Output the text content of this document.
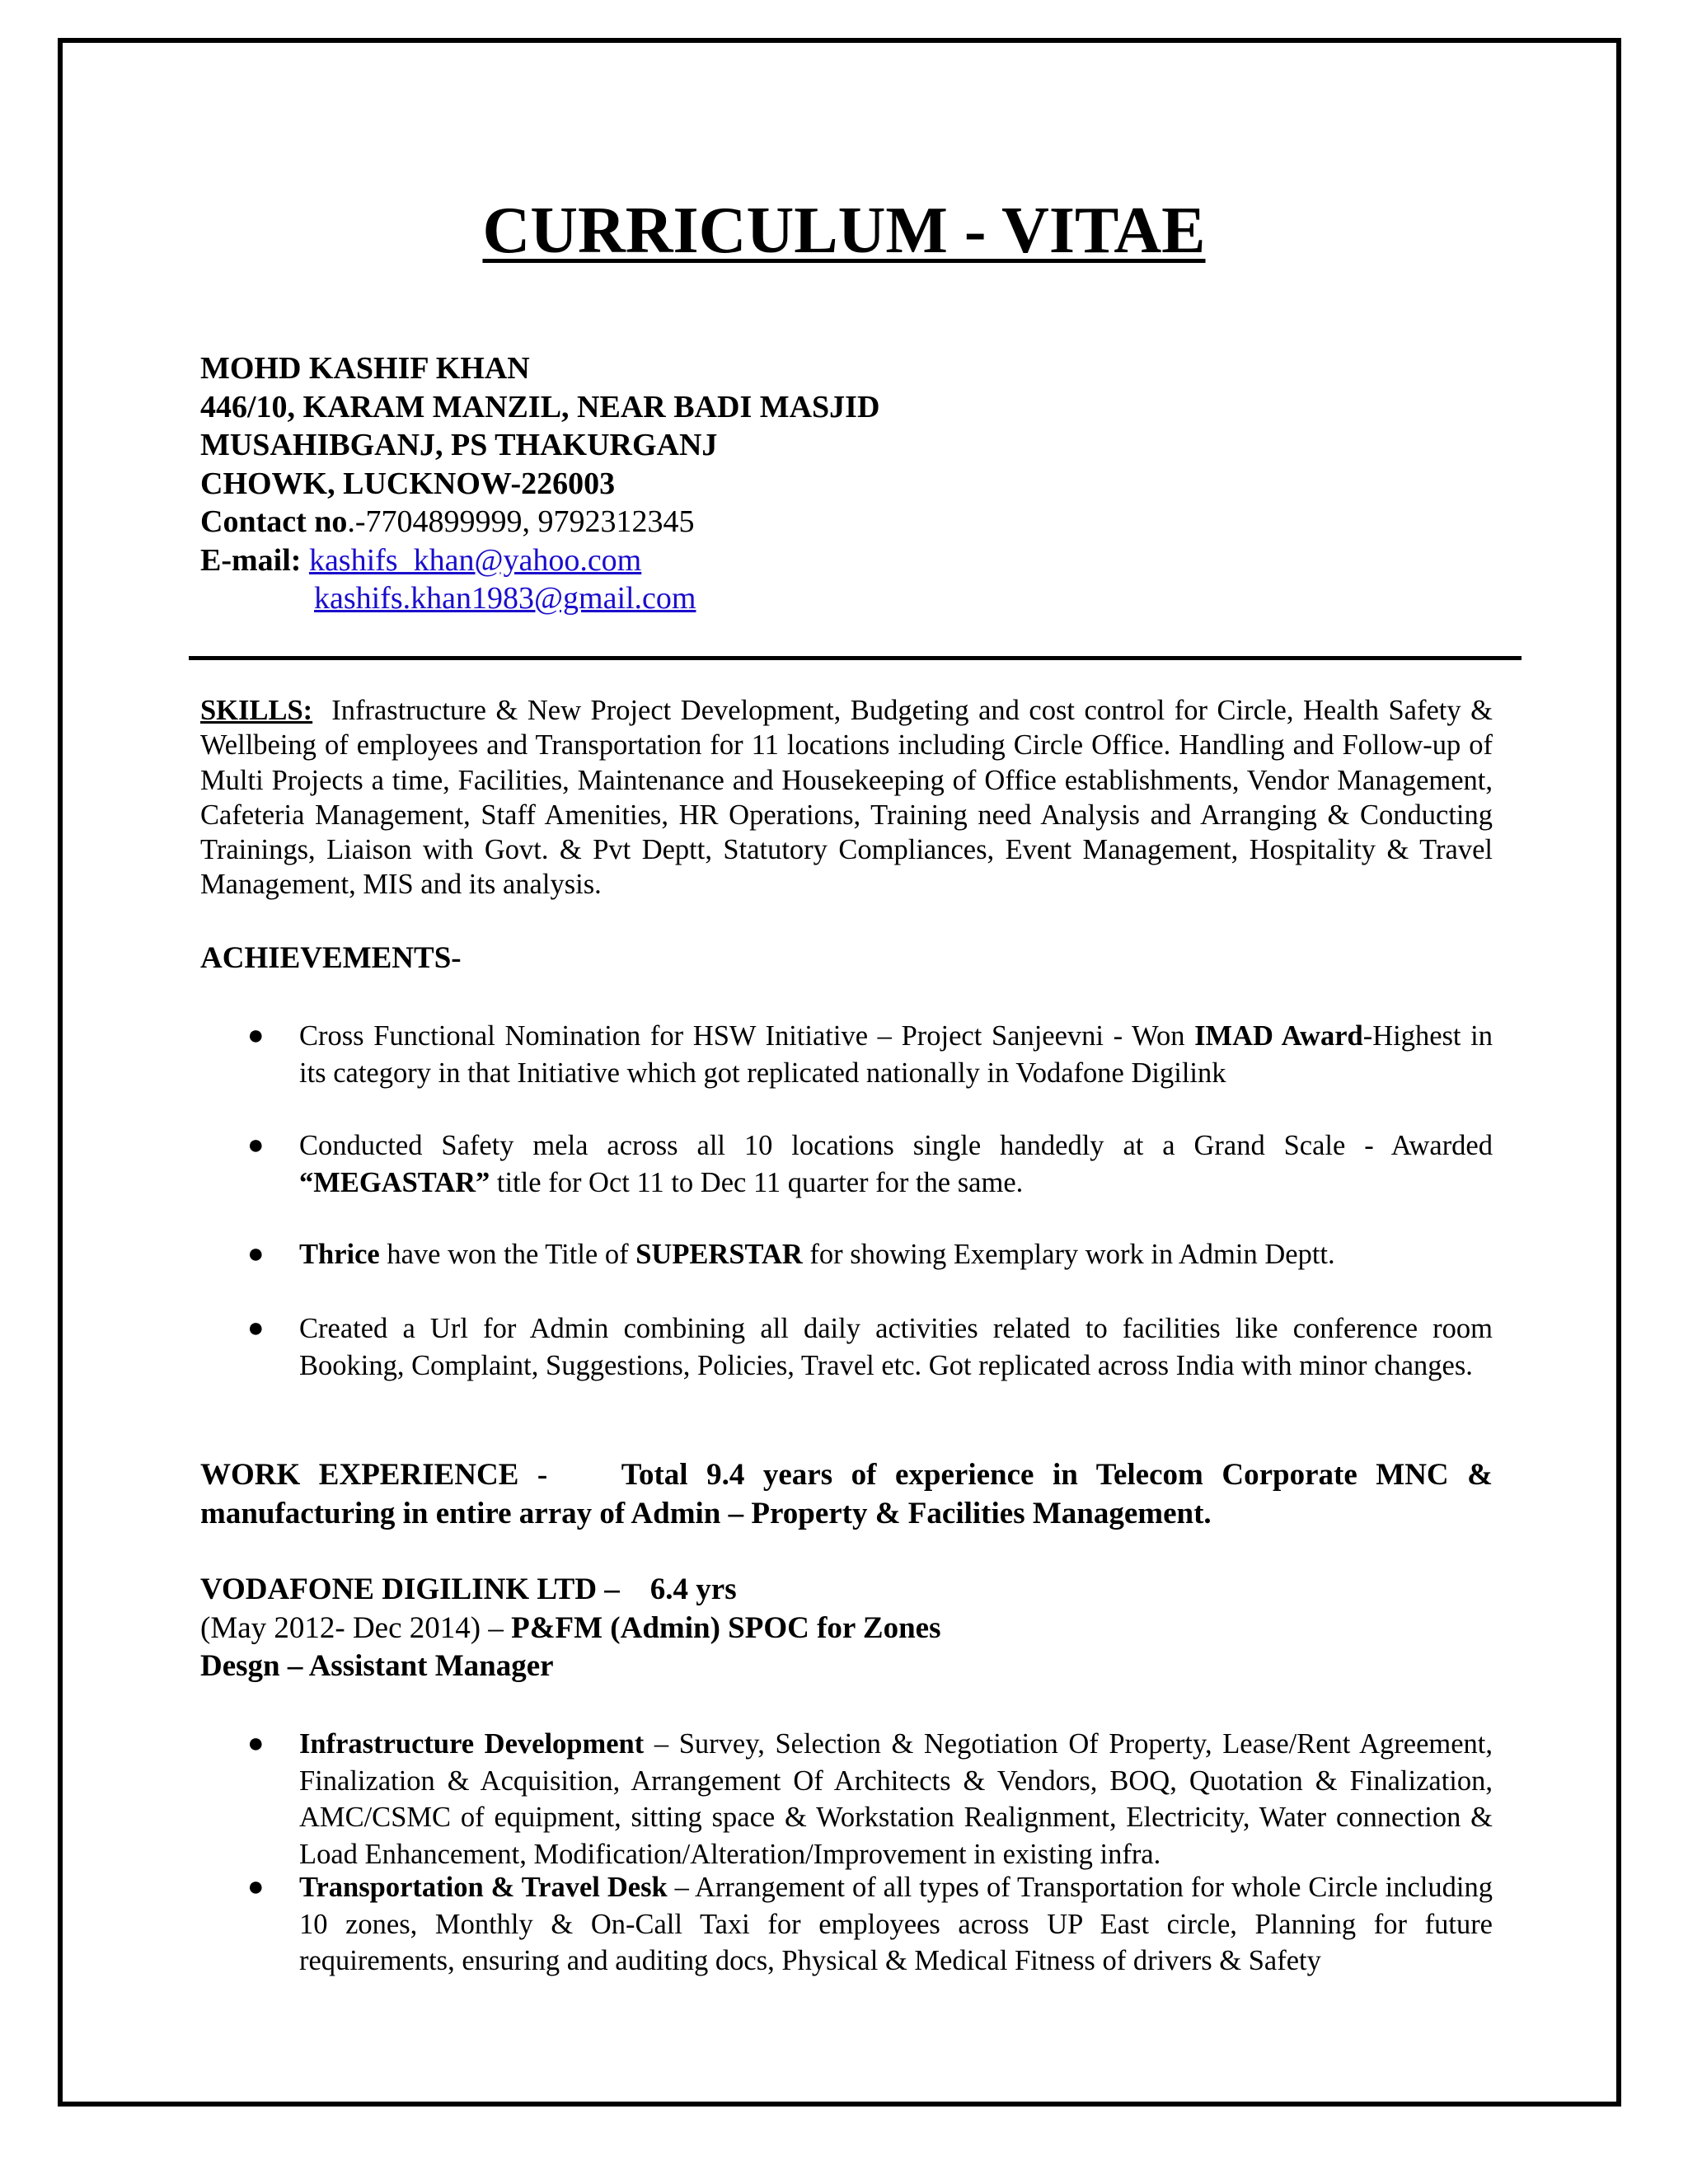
CURRICULUM - VITAE
MOHD KASHIF KHAN
446/10, KARAM MANZIL, NEAR BADI MASJID
MUSAHIBGANJ, PS THAKURGANJ
CHOWK, LUCKNOW-226003
Contact no.-7704899999, 9792312345
E-mail: kashifs_khan@yahoo.com
kashifs.khan1983@gmail.com
SKILLS: Infrastructure & New Project Development, Budgeting and cost control for Circle, Health Safety & Wellbeing of employees and Transportation for 11 locations including Circle Office. Handling and Follow-up of Multi Projects a time, Facilities, Maintenance and Housekeeping of Office establishments, Vendor Management, Cafeteria Management, Staff Amenities, HR Operations, Training need Analysis and Arranging & Conducting Trainings, Liaison with Govt. & Pvt Deptt, Statutory Compliances, Event Management, Hospitality & Travel Management, MIS and its analysis.
ACHIEVEMENTS-
● Cross Functional Nomination for HSW Initiative – Project Sanjeevni - Won IMAD Award-Highest in its category in that Initiative which got replicated nationally in Vodafone Digilink
● Conducted Safety mela across all 10 locations single handedly at a Grand Scale - Awarded “MEGASTAR” title for Oct 11 to Dec 11 quarter for the same.
● Thrice have won the Title of SUPERSTAR for showing Exemplary work in Admin Deptt.
● Created a Url for Admin combining all daily activities related to facilities like conference room Booking, Complaint, Suggestions, Policies, Travel etc. Got replicated across India with minor changes.
WORK EXPERIENCE - Total 9.4 years of experience in Telecom Corporate MNC & manufacturing in entire array of Admin – Property & Facilities Management.
VODAFONE DIGILINK LTD – 6.4 yrs
(May 2012- Dec 2014) – P&FM (Admin) SPOC for Zones
Desgn – Assistant Manager
● Infrastructure Development – Survey, Selection & Negotiation Of Property, Lease/Rent Agreement, Finalization & Acquisition, Arrangement Of Architects & Vendors, BOQ, Quotation & Finalization, AMC/CSMC of equipment, sitting space & Workstation Realignment, Electricity, Water connection & Load Enhancement, Modification/Alteration/Improvement in existing infra.
● Transportation & Travel Desk – Arrangement of all types of Transportation for whole Circle including 10 zones, Monthly & On-Call Taxi for employees across UP East circle, Planning for future requirements, ensuring and auditing docs, Physical & Medical Fitness of drivers & Safety
